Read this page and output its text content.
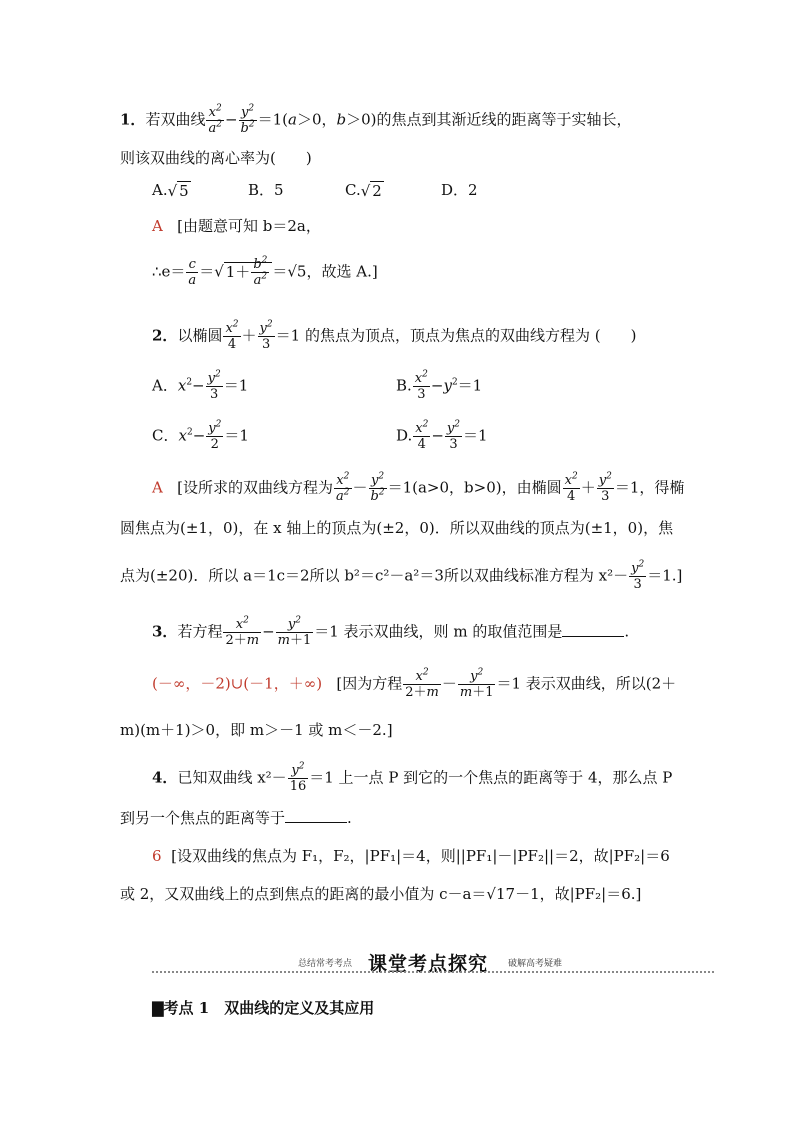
1．若双曲线 $\frac{x^2}{a^2} - \frac{y^2}{b^2} =1(a>0$，b＞0)的焦点到其渐近线的距离等于实轴长，
则该双曲线的离心率为(　　)
A.√ 5	B．5	C.√ 2	D．2
A [由题意可知 b＝2a，
∴e＝ $\frac{c}{a}$ ＝√ $1+ \frac{b^2}{a^2} =√5$，故选 A.]
2．以椭圆 $\frac{x^2}{4} + \frac{y^2}{3} =1$ 的焦点为顶点，顶点为焦点的双曲线方程为 (　　)
A．$x^2- \frac{y^2}{3} =1$	B. $\frac{x^2}{3} -y^2=1$
C．$x^2- \frac{y^2}{2} =1$	D. $\frac{x^2}{4} - \frac{y^2}{3} =1$
A [设所求的双曲线方程为 $\frac{x^2}{a^2} - \frac{y^2}{b^2} =1(a>0$，b>0)，由椭圆 $\frac{x^2}{4} + \frac{y^2}{3} =1$，得椭
圆焦点为(±1，0)，在 x 轴上的顶点为(±2，0)．所以双曲线的顶点为(±1，0)，焦
点为(±20)．所以 a＝1c＝2所以 b²＝c²－a²＝3所以双曲线标准方程为 $x^2- \frac{y^2}{3} =1$.]
3．若方程 $\frac{x^2}{2+m} - \frac{y^2}{m+1} =1$ 表示双曲线，则 m 的取值范围是	.
(－∞，－2)∪(－1，＋∞) [因为方程 $\frac{x^2}{2+m} - \frac{y^2}{m+1} =1$ 表示双曲线，所以(2＋
m)(m＋1)＞0，即 m＞－1 或 m＜－2.]
4．已知双曲线 $x^2- \frac{y^2}{16} =1$ 上一点 P 到它的一个焦点的距离等于 4，那么点 P
到另一个焦点的距离等于	.
6 [设双曲线的焦点为 F₁，F₂，|PF₁|＝4，则||PF₁|－|PF₂||＝2，故|PF₂|＝6
或 2，又双曲线上的点到焦点的距离的最小值为 c－a＝√17－1，故|PF₂|＝6.]
总结常考考点 课堂考点探究 破解高考疑难
▇考点 1　双曲线的定义及其应用
